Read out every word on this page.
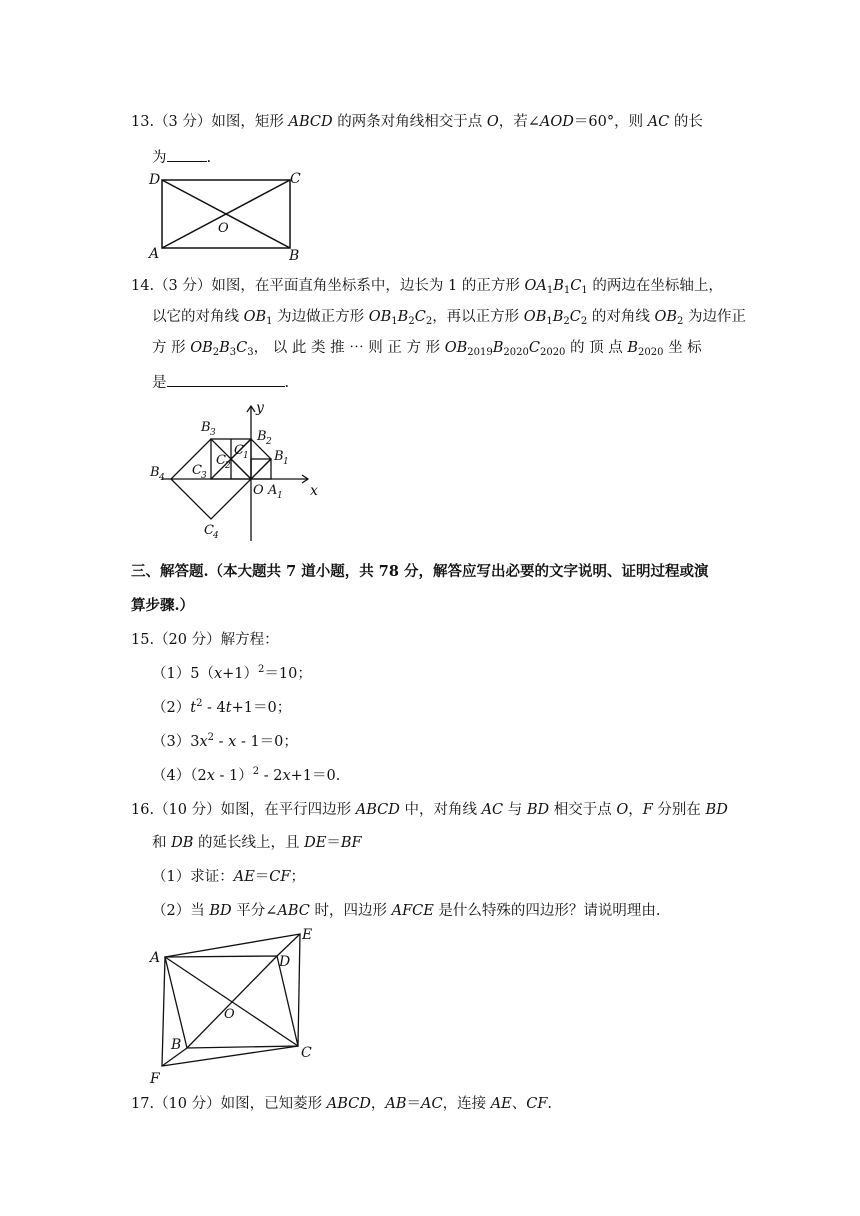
13.（3 分）如图，矩形 ABCD 的两条对角线相交于点 O，若∠AOD＝60°，则 AC 的长
为	.
D	C
A	B
O
14.（3 分）如图，在平面直角坐标系中，边长为 1 的正方形 $OA_1B_1C_1$ 的两边在坐标轴上，
以它的对角线 $OB_1$ 为边做正方形 $OB_1B_2C_2$，再以正方形 $OB_1B_2C_2$ 的对角线 $OB_2$ 为边作正
方 形 $OB_2B_3C_3$， 以 此 类 推 ⋯ 则 正 方 形 $OB_{2019}B_{2020}C_{2020}$ 的 顶 点 $B_{2020}$ 坐 标
是	.
y
x
O A 1
B 1
B 2
B 3
B 4
C 1
C 2
C 3
C 4
三、解答题.（本大题共 7 道小题，共 78 分，解答应写出必要的文字说明、证明过程或演
算步骤.）
15.（20 分）解方程：
$(1)5(x+1)^2=10$；
$(2)t^2 - 4t+1=0$；
$(3)3x^2 - x - 1=0$；
（4）（2x - 1）$^2$ - 2x+1＝0.
16.（10 分）如图，在平行四边形 ABCD 中，对角线 AC 与 BD 相交于点 O，F 分别在 BD
和 DB 的延长线上，且 DE＝BF
（1）求证：AE＝CF；
（2）当 BD 平分∠ABC 时，四边形 AFCE 是什么特殊的四边形？请说明理由.
A
E
D
O
B	C
F
17.（10 分）如图，已知菱形 ABCD，AB＝AC，连接 AE、CF.
